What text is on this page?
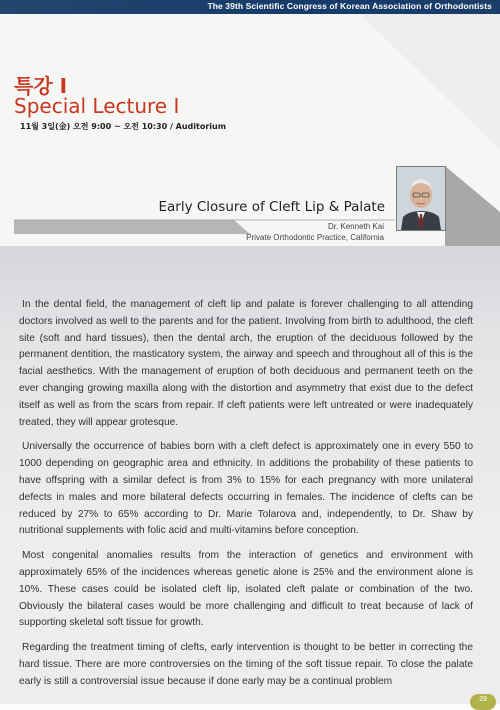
The 39th Scientific Congress of Korean Association of Orthodontists
특강 I
Special Lecture I
11월 3일(金) 오전 9:00 ~ 오전 10:30 / Auditorium
Early Closure of Cleft Lip & Palate
Dr. Kenneth Kai
Private Orthodontic Practice, California

In the dental field, the management of cleft lip and palate is forever challenging to all attending doctors involved as well to the parents and for the patient. Involving from birth to adulthood, the cleft site (soft and hard tissues), then the dental arch, the eruption of the deciduous followed by the permanent dentition, the masticatory system, the airway and speech and throughout all of this is the facial aesthetics. With the management of eruption of both deciduous and permanent teeth on the ever changing growing maxilla along with the distortion and asymmetry that exist due to the defect itself as well as from the scars from repair. If cleft patients were left untreated or were inadequately treated, they will appear grotesque.

Universally the occurrence of babies born with a cleft defect is approximately one in every 550 to 1000 depending on geographic area and ethnicity. In additions the probability of these patients to have offspring with a similar defect is from 3% to 15% for each pregnancy with more unilateral defects in males and more bilateral defects occurring in females. The incidence of clefts can be reduced by 27% to 65% according to Dr. Marie Tolarova and, independently, to Dr. Shaw by nutritional supplements with folic acid and multi-vitamins before conception.

Most congenital anomalies results from the interaction of genetics and environment with approximately 65% of the incidences whereas genetic alone is 25% and the environment alone is 10%. These cases could be isolated cleft lip, isolated cleft palate or combination of the two. Obviously the bilateral cases would be more challenging and difficult to treat because of lack of supporting skeletal soft tissue for growth.

Regarding the treatment timing of clefts, early intervention is thought to be better in correcting the hard tissue. There are more controversies on the timing of the soft tissue repair. To close the palate early is still a controversial issue because if done early may be a continual problem

29
